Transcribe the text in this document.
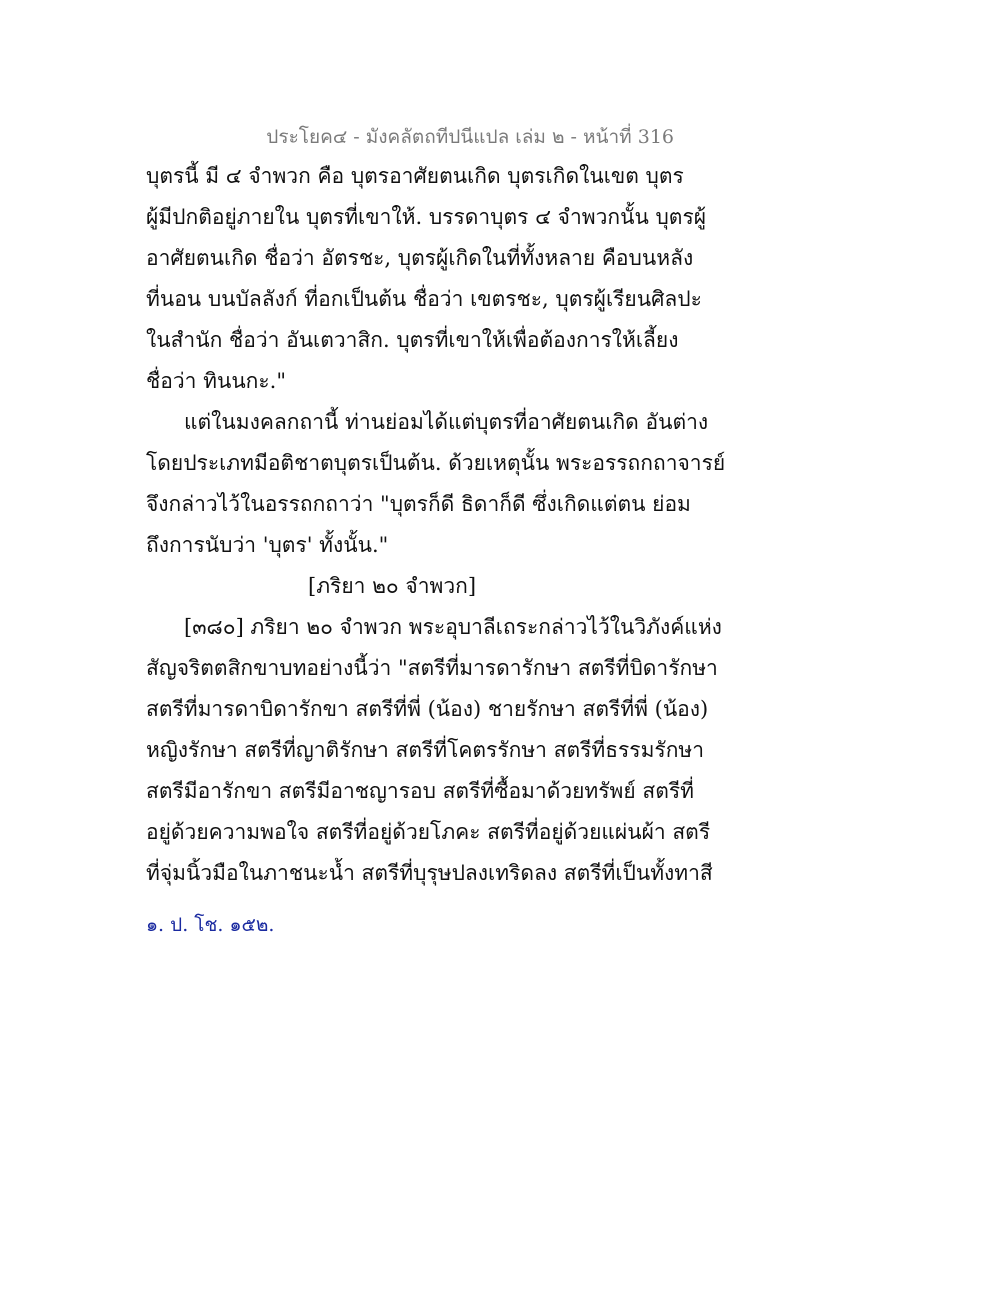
ประโยค๔ - มังคลัตถทีปนีแปล เล่ม ๒ - หน้าที่ 316
บุตรนี้ มี ๔ จำพวก คือ บุตรอาศัยตนเกิด บุตรเกิดในเขต บุตร
ผู้มีปกติอยู่ภายใน บุตรที่เขาให้. บรรดาบุตร ๔ จำพวกนั้น บุตรผู้
อาศัยตนเกิด ชื่อว่า อัตรชะ, บุตรผู้เกิดในที่ทั้งหลาย คือบนหลัง
ที่นอน บนบัลลังก์ ที่อกเป็นต้น ชื่อว่า เขตรชะ, บุตรผู้เรียนศิลปะ
ในสำนัก ชื่อว่า อันเตวาสิก. บุตรที่เขาให้เพื่อต้องการให้เลี้ยง
ชื่อว่า ทินนกะ."
แต่ในมงคลกถานี้ ท่านย่อมได้แต่บุตรที่อาศัยตนเกิด อันต่าง
โดยประเภทมีอติชาตบุตรเป็นต้น. ด้วยเหตุนั้น พระอรรถกถาจารย์
จึงกล่าวไว้ในอรรถกถาว่า "บุตรก็ดี ธิดาก็ดี ซึ่งเกิดแต่ตน ย่อม
ถึงการนับว่า 'บุตร' ทั้งนั้น."
[ภริยา ๒๐ จำพวก]
[๓๘๐] ภริยา ๒๐ จำพวก พระอุบาลีเถระกล่าวไว้ในวิภังค์แห่ง
สัญจริตตสิกขาบทอย่างนี้ว่า "สตรีที่มารดารักษา สตรีที่บิดารักษา
สตรีที่มารดาบิดารักขา สตรีที่พี่ (น้อง) ชายรักษา สตรีที่พี่ (น้อง)
หญิงรักษา สตรีที่ญาติรักษา สตรีที่โคตรรักษา สตรีที่ธรรมรักษา
สตรีมีอารักขา สตรีมีอาชญารอบ สตรีที่ซื้อมาด้วยทรัพย์ สตรีที่
อยู่ด้วยความพอใจ สตรีที่อยู่ด้วยโภคะ สตรีที่อยู่ด้วยแผ่นผ้า สตรี
ที่จุ่มนิ้วมือในภาชนะน้ำ สตรีที่บุรุษปลงเทริดลง สตรีที่เป็นทั้งทาสี
๑. ป. โช. ๑๕๒.
